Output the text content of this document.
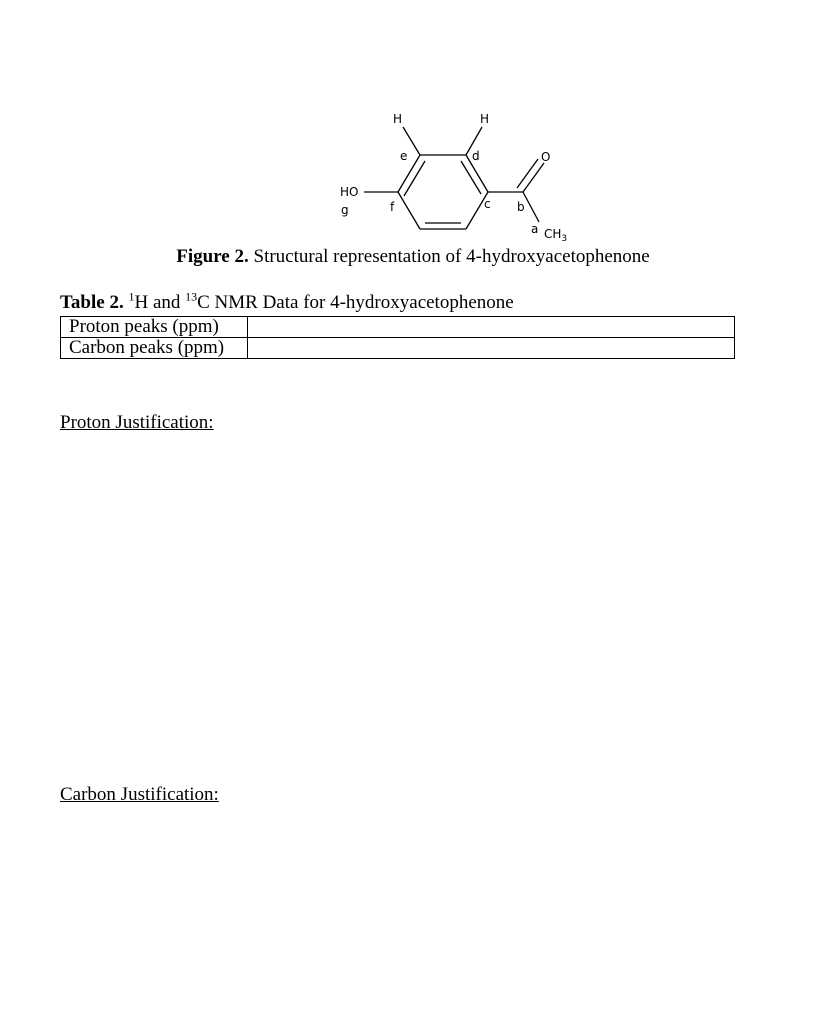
H	H
O
HO
$CH_3$
a
b
c
d
e
f
g
Figure 2. Structural representation of 4-hydroxyacetophenone
Table 2. $^1$H and $^{13}$C NMR Data for 4-hydroxyacetophenone
Proton peaks (ppm)	
Carbon peaks (ppm)	
Proton Justification:
Carbon Justification:
